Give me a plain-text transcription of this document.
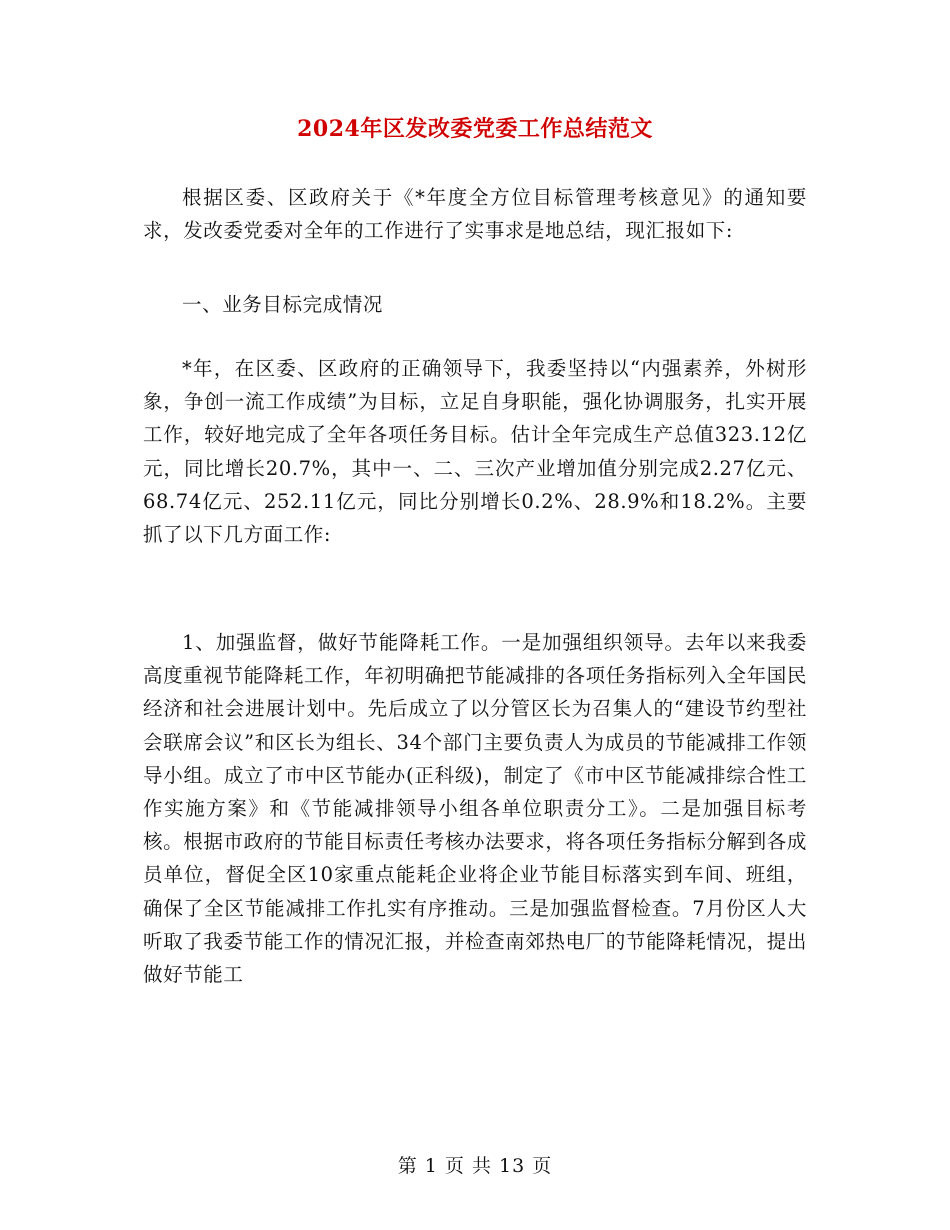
2024年区发改委党委工作总结范文

根据区委、区政府关于《*年度全方位目标管理考核意见》的通知要求，发改委党委对全年的工作进行了实事求是地总结，现汇报如下:

一、业务目标完成情况

*年，在区委、区政府的正确领导下，我委坚持以“内强素养，外树形象，争创一流工作成绩”为目标，立足自身职能，强化协调服务，扎实开展工作，较好地完成了全年各项任务目标。估计全年完成生产总值323.12亿元，同比增长20.7%，其中一、二、三次产业增加值分别完成2.27亿元、68.74亿元、252.11亿元，同比分别增长0.2%、28.9%和18.2%。主要抓了以下几方面工作:

1、加强监督，做好节能降耗工作。一是加强组织领导。去年以来我委高度重视节能降耗工作，年初明确把节能减排的各项任务指标列入全年国民经济和社会进展计划中。先后成立了以分管区长为召集人的“建设节约型社会联席会议”和区长为组长、34个部门主要负责人为成员的节能减排工作领导小组。成立了市中区节能办(正科级)，制定了《市中区节能减排综合性工作实施方案》和《节能减排领导小组各单位职责分工》。二是加强目标考核。根据市政府的节能目标责任考核办法要求，将各项任务指标分解到各成员单位，督促全区10家重点能耗企业将企业节能目标落实到车间、班组，确保了全区节能减排工作扎实有序推动。三是加强监督检查。7月份区人大听取了我委节能工作的情况汇报，并检查南郊热电厂的节能降耗情况，提出做好节能工

第 1 页 共 13 页
